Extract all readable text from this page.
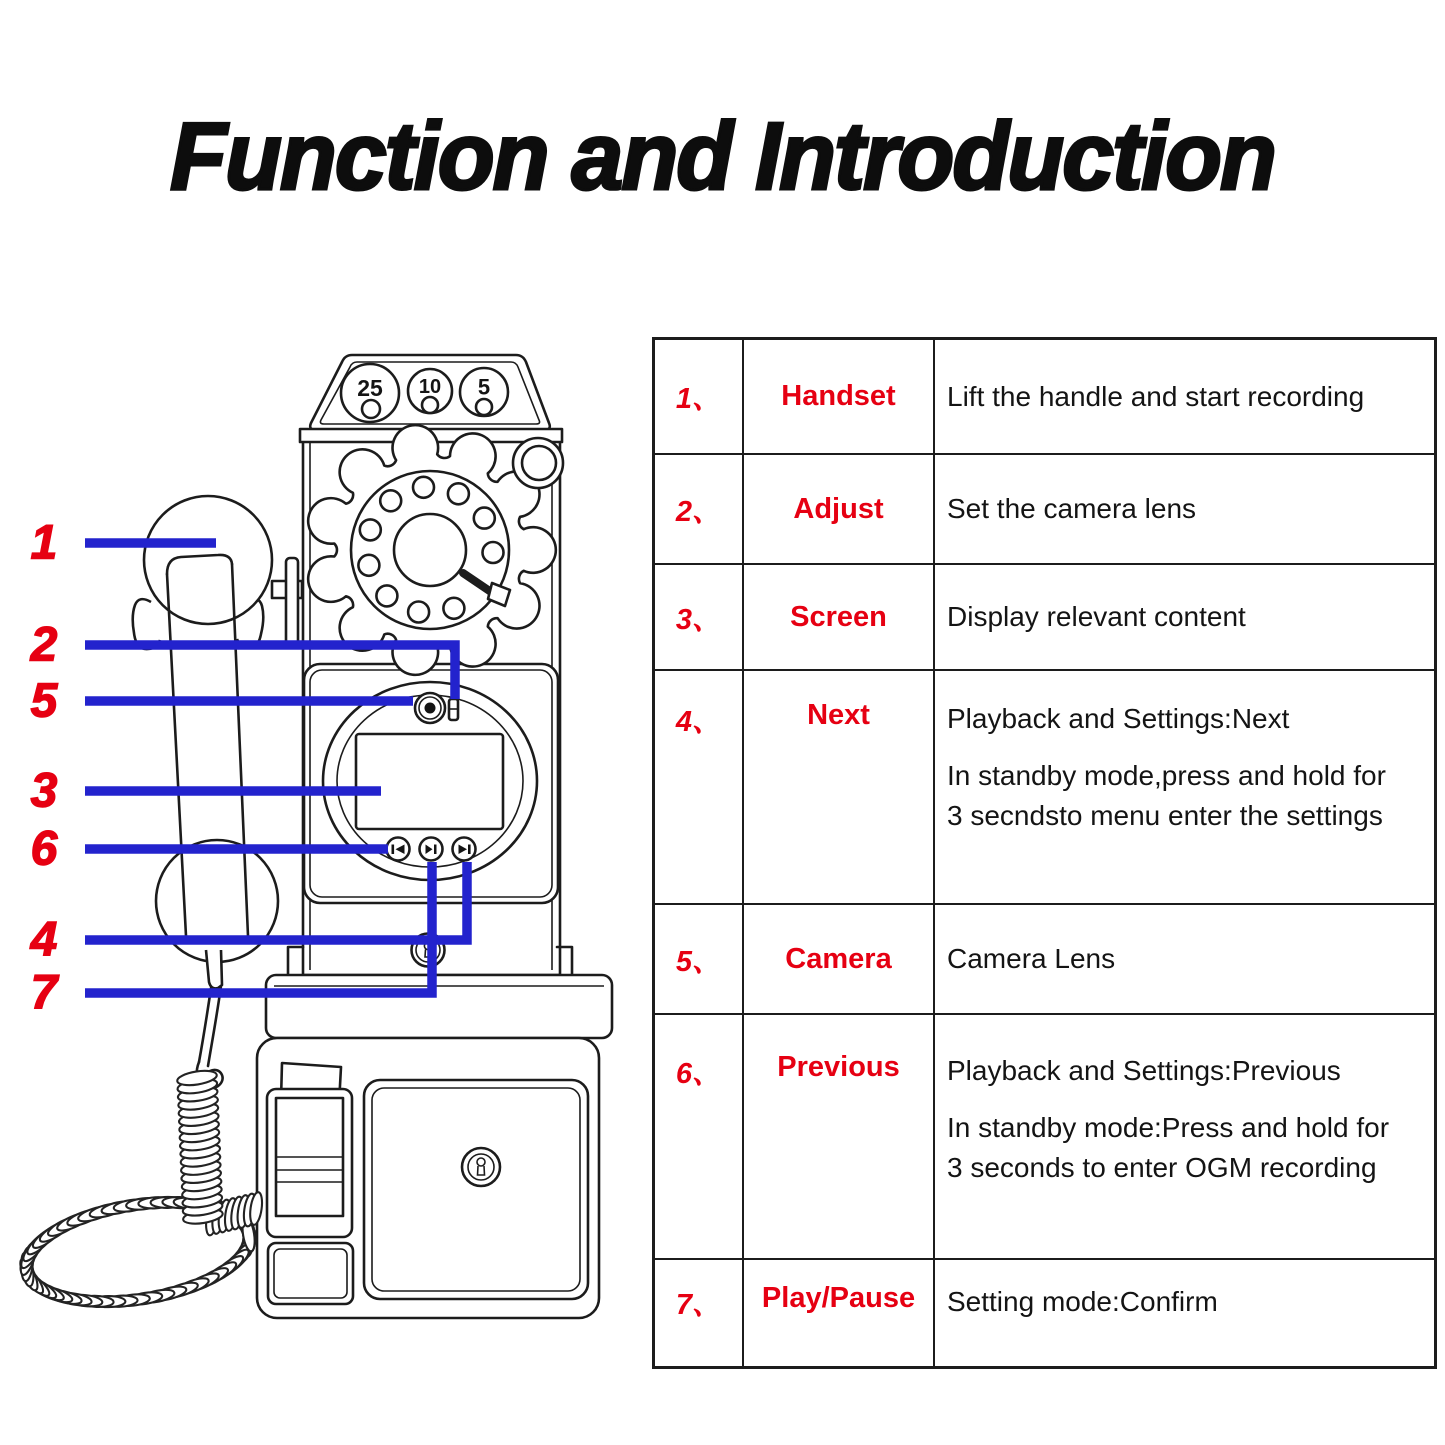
Function and Introduction
25 10 5
1
2
5
3
6
4
7
1、 Handset Lift the handle and start recording

2、 Adjust Set the camera lens

3、 Screen Display relevant content

4、	Next	Playback and Settings:Next

In standby mode,press and hold for 3 secndsto menu enter the settings

5、 Camera Camera Lens

6、 Previous Playback and Settings:Previous

In standby mode:Press and hold for 3 seconds to enter OGM recording

7、 Play/Pause Setting mode:Confirm
